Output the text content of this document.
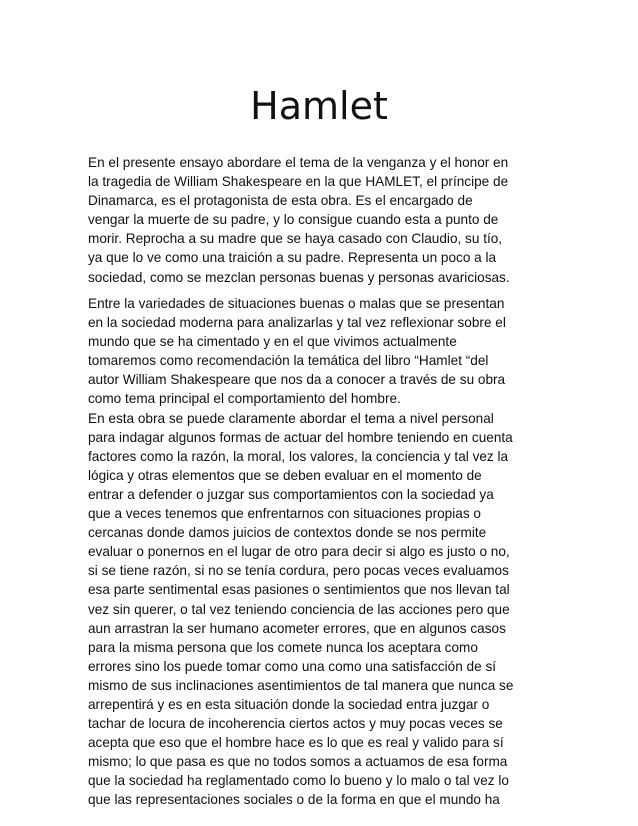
Hamlet

En el presente ensayo abordare el tema de la venganza y el honor en
la tragedia de William Shakespeare en la que HAMLET, el príncipe de
Dinamarca, es el protagonista de esta obra. Es el encargado de
vengar la muerte de su padre, y lo consigue cuando esta a punto de
morir. Reprocha a su madre que se haya casado con Claudio, su tío,
ya que lo ve como una traición a su padre. Representa un poco a la
sociedad, como se mezclan personas buenas y personas avariciosas.

Entre la variedades de situaciones buenas o malas que se presentan
en la sociedad moderna para analizarlas y tal vez reflexionar sobre el
mundo que se ha cimentado y en el que vivimos actualmente
tomaremos como recomendación la temática del libro “Hamlet “del
autor William Shakespeare que nos da a conocer a través de su obra
como tema principal el comportamiento del hombre.
En esta obra se puede claramente abordar el tema a nivel personal
para indagar algunos formas de actuar del hombre teniendo en cuenta
factores como la razón, la moral, los valores, la conciencia y tal vez la
lógica y otras elementos que se deben evaluar en el momento de
entrar a defender o juzgar sus comportamientos con la sociedad ya
que a veces tenemos que enfrentarnos con situaciones propias o
cercanas donde damos juicios de contextos donde se nos permite
evaluar o ponernos en el lugar de otro para decir si algo es justo o no,
si se tiene razón, si no se tenía cordura, pero pocas veces evaluamos
esa parte sentimental esas pasiones o sentimientos que nos llevan tal
vez sin querer, o tal vez teniendo conciencia de las acciones pero que
aun arrastran la ser humano acometer errores, que en algunos casos
para la misma persona que los comete nunca los aceptara como
errores sino los puede tomar como una como una satisfacción de sí
mismo de sus inclinaciones asentimientos de tal manera que nunca se
arrepentirá y es en esta situación donde la sociedad entra juzgar o
tachar de locura de incoherencia ciertos actos y muy pocas veces se
acepta que eso que el hombre hace es lo que es real y valido para sí
mismo; lo que pasa es que no todos somos a actuamos de esa forma
que la sociedad ha reglamentado como lo bueno y lo malo o tal vez lo
que las representaciones sociales o de la forma en que el mundo ha
